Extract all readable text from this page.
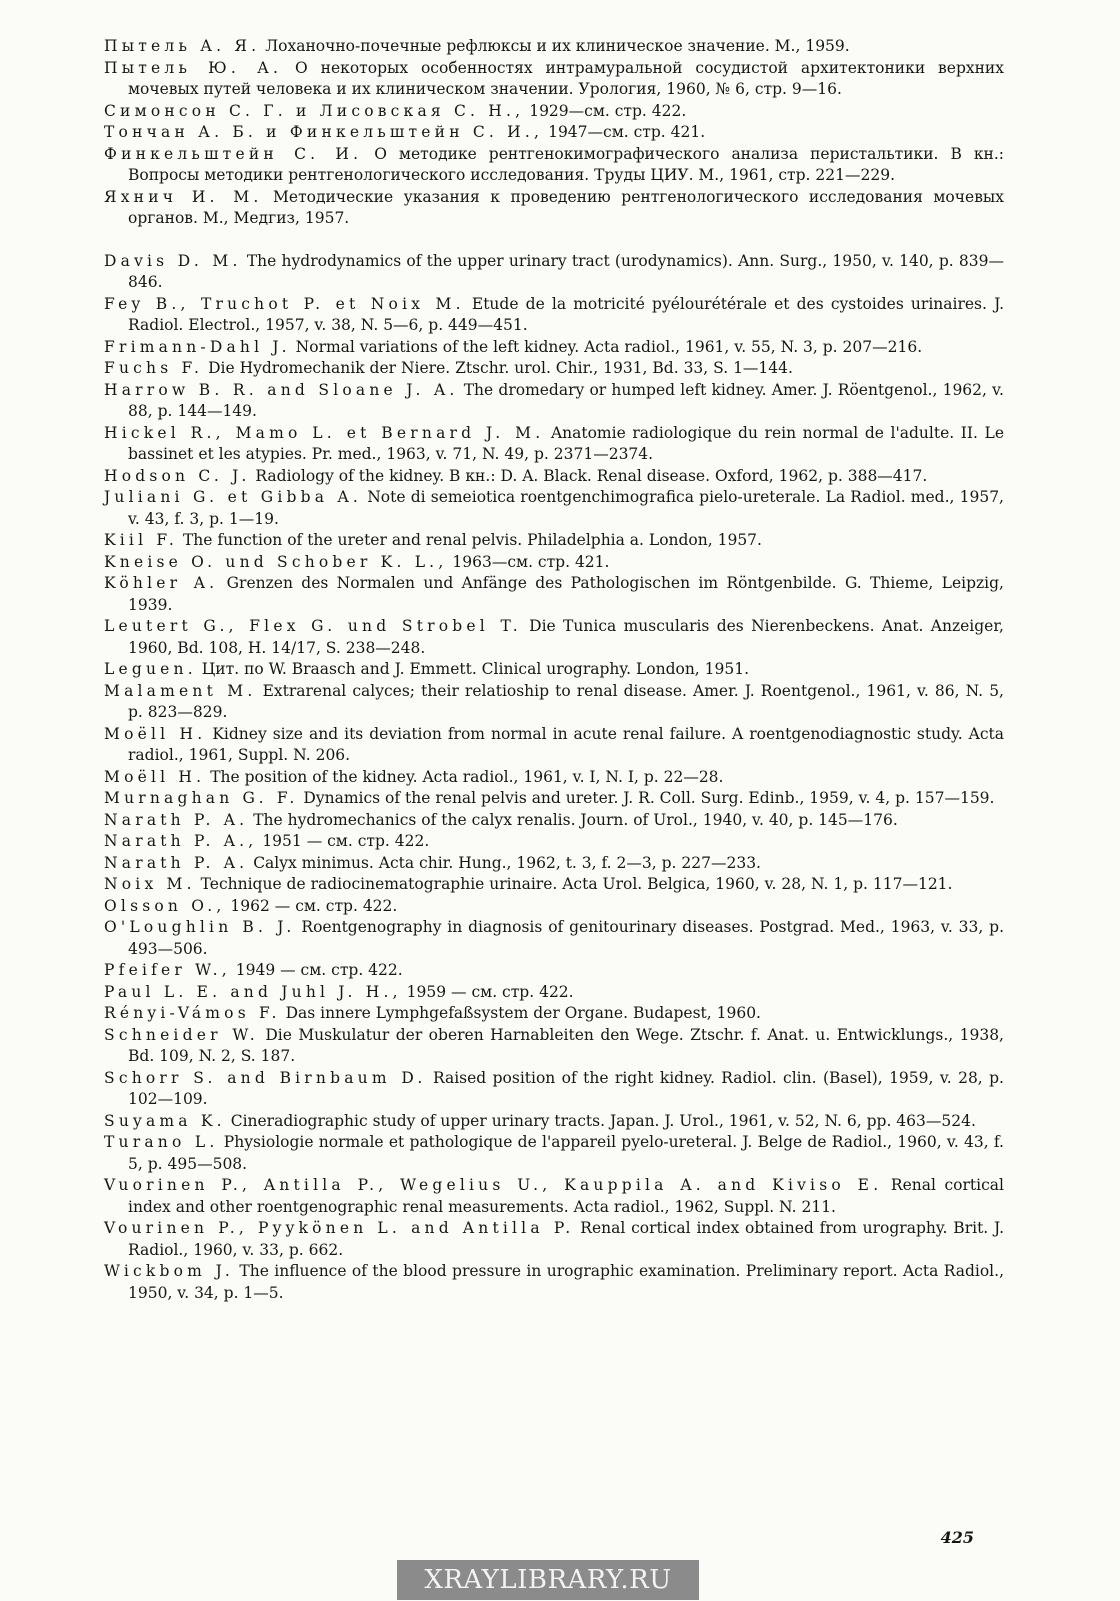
Пытель А. Я. Лоханочно-почечные рефлюксы и их клиническое значение. М., 1959.
Пытель Ю. А. О некоторых особенностях интрамуральной сосудистой архитектоники верхних мочевых путей человека и их клиническом значении. Урология, 1960, № 6, стр. 9—16.
Симонсон С. Г. и Лисовская С. Н., 1929—см. стр. 422.
Тончан А. Б. и Финкельштейн С. И., 1947—см. стр. 421.
Финкельштейн С. И. О методике рентгенокимографического анализа перистальтики. В кн.: Вопросы методики рентгенологического исследования. Труды ЦИУ. М., 1961, стр. 221—229.
Яхнич И. М. Методические указания к проведению рентгенологического исследования мочевых органов. М., Медгиз, 1957.
Davis D. M. The hydrodynamics of the upper urinary tract (urodynamics). Ann. Surg., 1950, v. 140, p. 839—846.
Fey B., Truchot P. et Noix M. Etude de la motricité pyélourétérale et des cystoides urinaires. J. Radiol. Electrol., 1957, v. 38, N. 5—6, p. 449—451.
Frimann-Dahl J. Normal variations of the left kidney. Acta radiol., 1961, v. 55, N. 3, p. 207—216.
Fuchs F. Die Hydromechanik der Niere. Ztschr. urol. Chir., 1931, Bd. 33, S. 1—144.
Harrow B. R. and Sloane J. A. The dromedary or humped left kidney. Amer. J. Röentgenol., 1962, v. 88, p. 144—149.
Hickel R., Mamo L. et Bernard J. M. Anatomie radiologique du rein normal de l'adulte. II. Le bassinet et les atypies. Pr. med., 1963, v. 71, N. 49, p. 2371—2374.
Hodson C. J. Radiology of the kidney. В кн.: D. A. Black. Renal disease. Oxford, 1962, p. 388—417.
Juliani G. et Gibba A. Note di semeiotica roentgenchimografica pielo-ureterale. La Radiol. med., 1957, v. 43, f. 3, p. 1—19.
Kiil F. The function of the ureter and renal pelvis. Philadelphia a. London, 1957.
Kneise O. und Schober K. L., 1963—см. стр. 421.
Köhler A. Grenzen des Normalen und Anfänge des Pathologischen im Röntgenbilde. G. Thieme, Leipzig, 1939.
Leutert G., Flex G. und Strobel T. Die Tunica muscularis des Nierenbeckens. Anat. Anzeiger, 1960, Bd. 108, H. 14/17, S. 238—248.
Leguen. Цит. по W. Braasch and J. Emmett. Clinical urography. London, 1951.
Malament M. Extrarenal calyces; their relatioship to renal disease. Amer. J. Roentgenol., 1961, v. 86, N. 5, p. 823—829.
Moëll H. Kidney size and its deviation from normal in acute renal failure. A roentgenodiagnostic study. Acta radiol., 1961, Suppl. N. 206.
Moëll H. The position of the kidney. Acta radiol., 1961, v. I, N. I, p. 22—28.
Murnaghan G. F. Dynamics of the renal pelvis and ureter. J. R. Coll. Surg. Edinb., 1959, v. 4, p. 157—159.
Narath P. A. The hydromechanics of the calyx renalis. Journ. of Urol., 1940, v. 40, p. 145—176.
Narath P. A., 1951 — см. стр. 422.
Narath P. A. Calyx minimus. Acta chir. Hung., 1962, t. 3, f. 2—3, p. 227—233.
Noix M. Technique de radiocinematographie urinaire. Acta Urol. Belgica, 1960, v. 28, N. 1, p. 117—121.
Olsson O., 1962 — см. стр. 422.
O'Loughlin B. J. Roentgenography in diagnosis of genitourinary diseases. Postgrad. Med., 1963, v. 33, p. 493—506.
Pfeifer W., 1949 — см. стр. 422.
Paul L. E. and Juhl J. H., 1959 — см. стр. 422.
Rényi-Vámos F. Das innere Lymphgefaßsystem der Organe. Budapest, 1960.
Schneider W. Die Muskulatur der oberen Harnableiten den Wege. Ztschr. f. Anat. u. Entwicklungs., 1938, Bd. 109, N. 2, S. 187.
Schorr S. and Birnbaum D. Raised position of the right kidney. Radiol. clin. (Basel), 1959, v. 28, p. 102—109.
Suyama K. Cineradiographic study of upper urinary tracts. Japan. J. Urol., 1961, v. 52, N. 6, pp. 463—524.
Turano L. Physiologie normale et pathologique de l'appareil pyelo-ureteral. J. Belge de Radiol., 1960, v. 43, f. 5, p. 495—508.
Vuorinen P., Antilla P., Wegelius U., Kauppila A. and Kiviso E. Renal cortical index and other roentgenographic renal measurements. Acta radiol., 1962, Suppl. N. 211.
Vourinen P., Pyykönen L. and Antilla P. Renal cortical index obtained from urography. Brit. J. Radiol., 1960, v. 33, p. 662.
Wickbom J. The influence of the blood pressure in urographic examination. Preliminary report. Acta Radiol., 1950, v. 34, p. 1—5.
425
XRAYLIBRARY.RU
